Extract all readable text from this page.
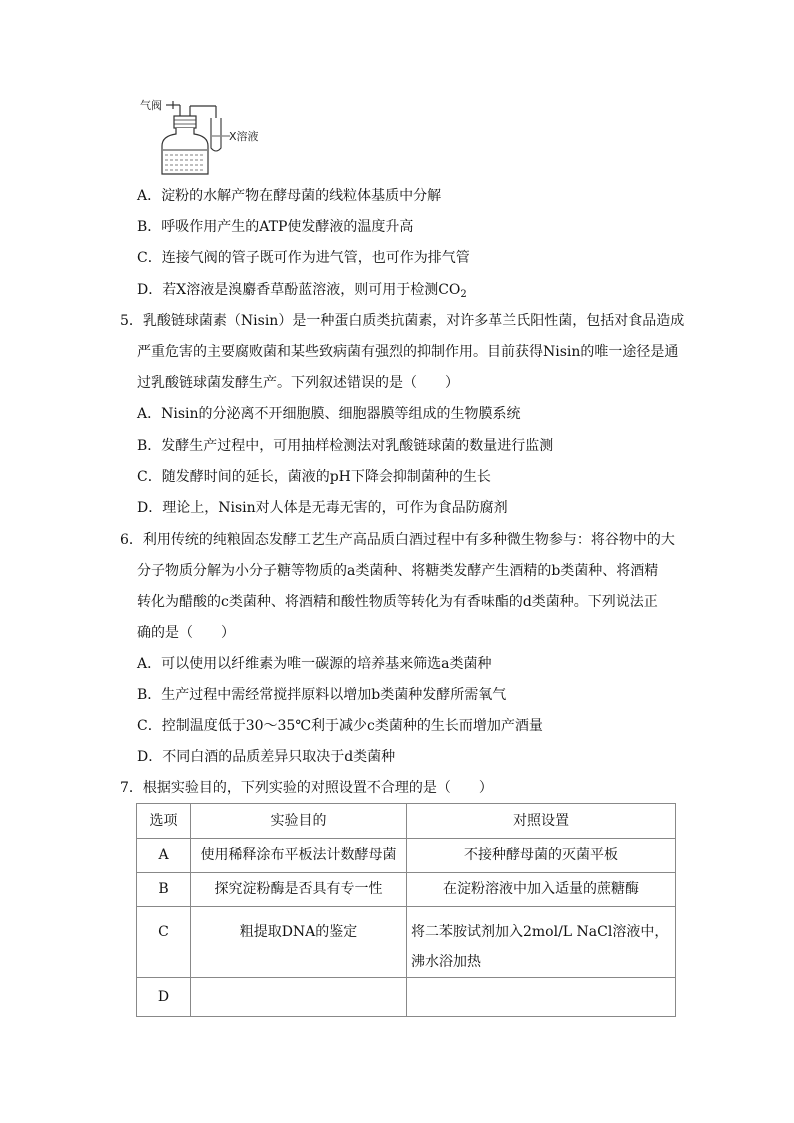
气阀
X溶液
A．淀粉的水解产物在酵母菌的线粒体基质中分解
B．呼吸作用产生的ATP使发酵液的温度升高
C．连接气阀的管子既可作为进气管，也可作为排气管
D．若X溶液是溴麝香草酚蓝溶液，则可用于检测$CO_2$
5．乳酸链球菌素（Nisin）是一种蛋白质类抗菌素，对许多革兰氏阳性菌，包括对食品造成
严重危害的主要腐败菌和某些致病菌有强烈的抑制作用。目前获得Nisin的唯一途径是通
过乳酸链球菌发酵生产。下列叙述错误的是（　　）
A．Nisin的分泌离不开细胞膜、细胞器膜等组成的生物膜系统
B．发酵生产过程中，可用抽样检测法对乳酸链球菌的数量进行监测
C．随发酵时间的延长，菌液的pH下降会抑制菌种的生长
D．理论上，Nisin对人体是无毒无害的，可作为食品防腐剂
6．利用传统的纯粮固态发酵工艺生产高品质白酒过程中有多种微生物参与：将谷物中的大
分子物质分解为小分子糖等物质的a类菌种、将糖类发酵产生酒精的b类菌种、将酒精
转化为醋酸的c类菌种、将酒精和酸性物质等转化为有香味酯的d类菌种。下列说法正
确的是（　　）
A．可以使用以纤维素为唯一碳源的培养基来筛选a类菌种
B．生产过程中需经常搅拌原料以增加b类菌种发酵所需氧气
C．控制温度低于30～35℃利于减少c类菌种的生长而增加产酒量
D．不同白酒的品质差异只取决于d类菌种
7．根据实验目的，下列实验的对照设置不合理的是（　　）
选项	实验目的	对照设置
A	使用稀释涂布平板法计数酵母菌	不接种酵母菌的灭菌平板
B	探究淀粉酶是否具有专一性	在淀粉溶液中加入适量的蔗糖酶

C	粗提取DNA的鉴定	将二苯胺试剂加入2mol/L NaCl溶液中，沸水浴加热

D		
